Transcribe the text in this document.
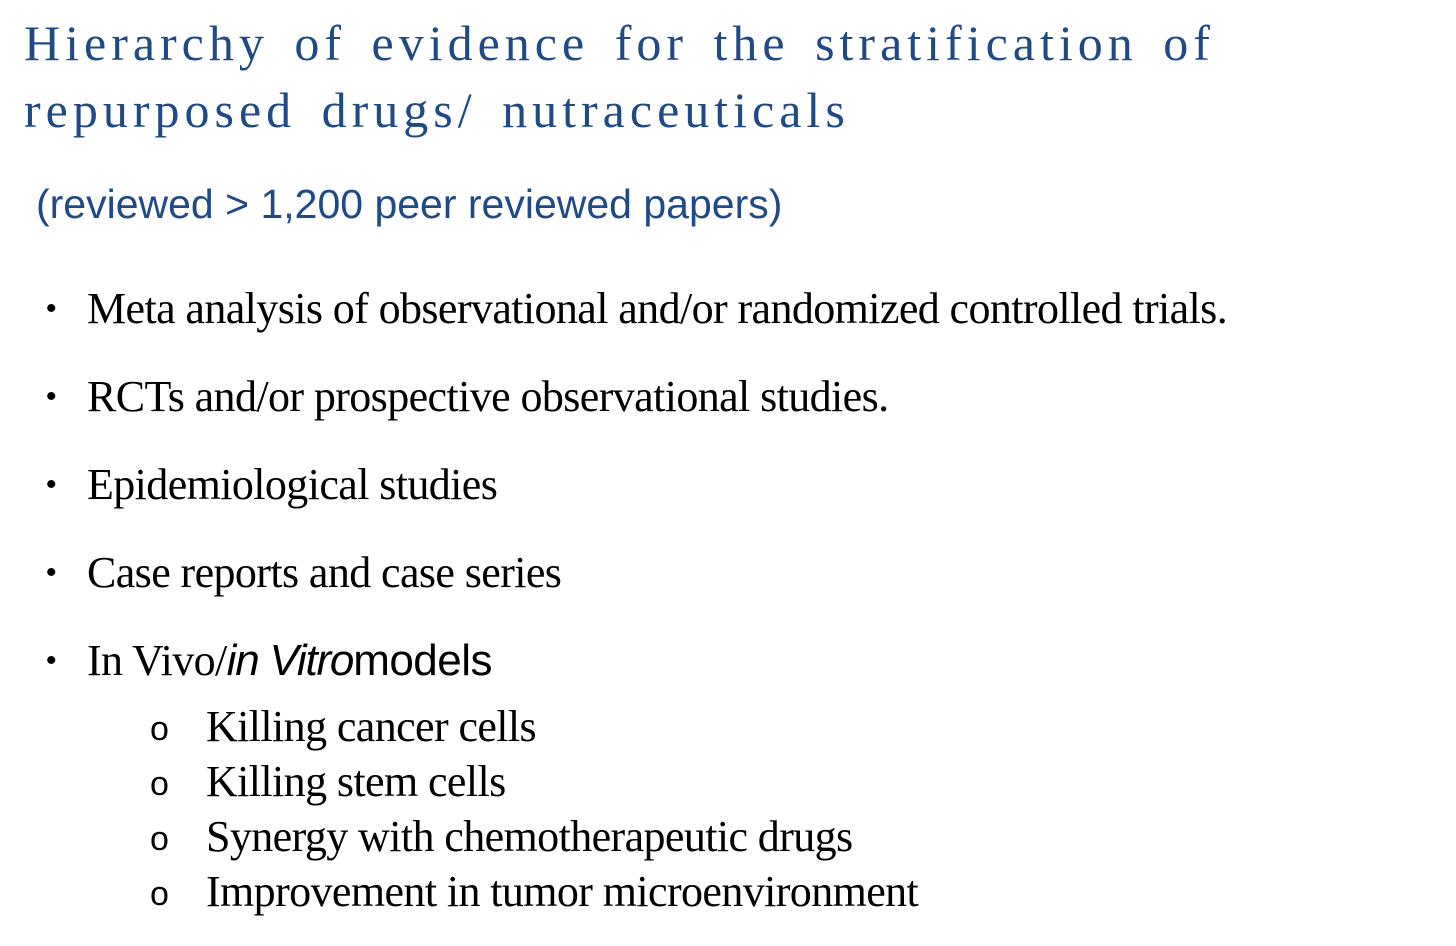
Hierarchy of evidence for the stratification of repurposed drugs/ nutraceuticals

(reviewed > 1,200 peer reviewed papers)

• Meta analysis of observational and/or randomized controlled trials.
• RCTs and/or prospective observational studies.
• Epidemiological studies
• Case reports and case series
• In Vivo/in Vitromodels
o Killing cancer cells
o Killing stem cells
o Synergy with chemotherapeutic drugs
o Improvement in tumor microenvironment
